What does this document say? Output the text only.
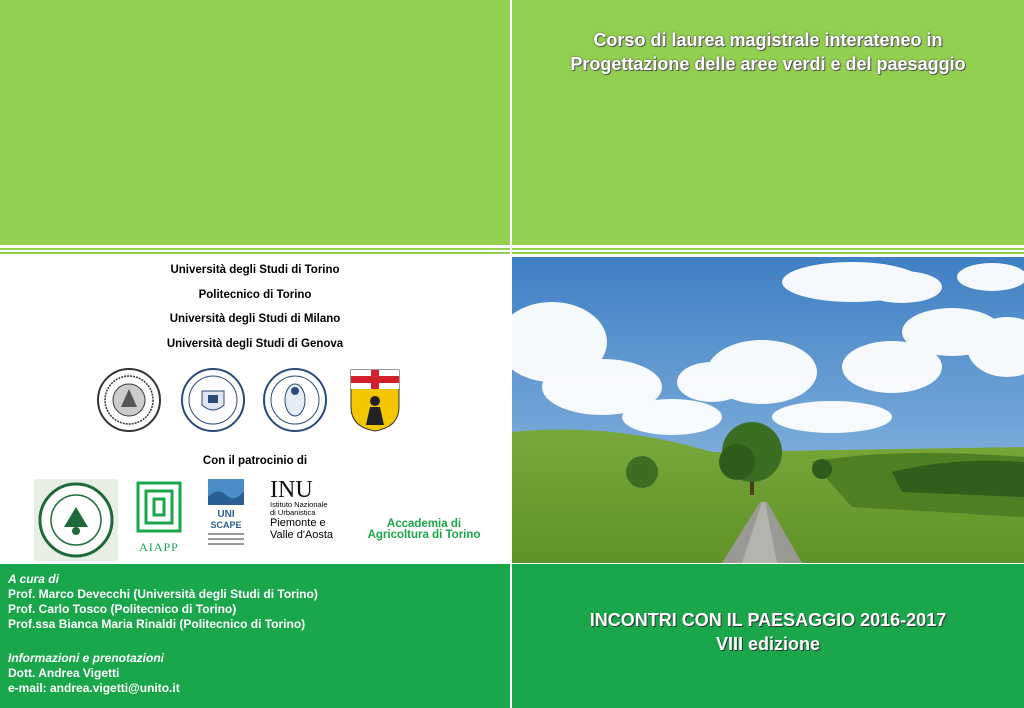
Corso di laurea magistrale interateneo in
Progettazione delle aree verdi e del paesaggio
Università degli Studi di Torino
Politecnico di Torino
Università degli Studi di Milano
Università degli Studi di Genova
Con il patrocinio di
AIAPP
UNI
SCAPE
INU
Istituto Nazionale
di Urbanistica
Piemonte e
Valle d'Aosta
Accademia di
Agricoltura di Torino
A cura di
Prof. Marco Devecchi (Università degli Studi di Torino)
Prof. Carlo Tosco (Politecnico di Torino)
Prof.ssa Bianca Maria Rinaldi (Politecnico di Torino)
Informazioni e prenotazioni
Dott. Andrea Vigetti
e-mail: andrea.vigetti@unito.it
INCONTRI CON IL PAESAGGIO 2016-2017
VIII edizione
